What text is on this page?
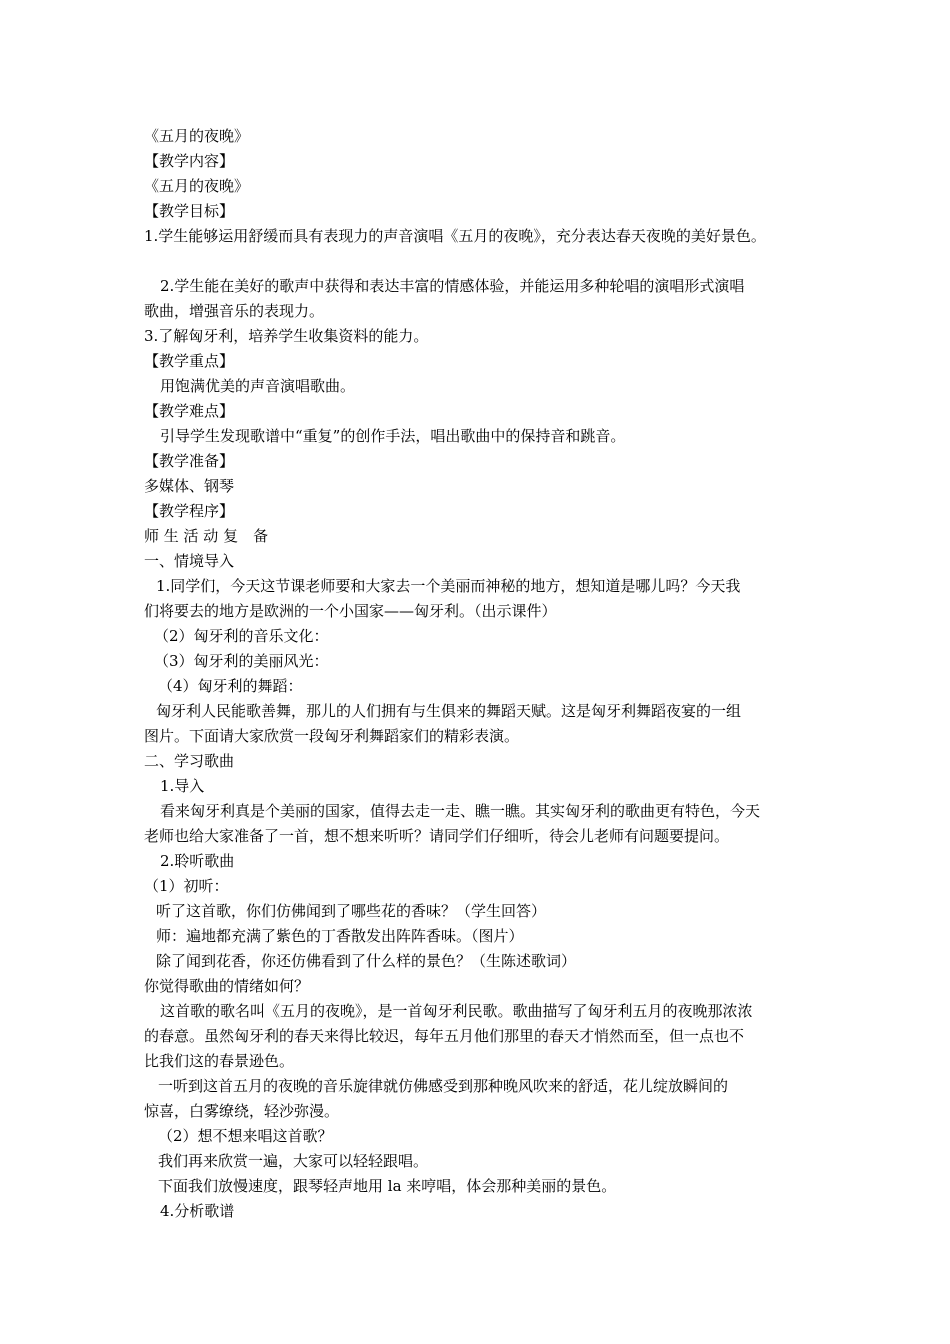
《五月的夜晚》
【教学内容】
《五月的夜晚》
【教学目标】
1.学生能够运用舒缓而具有表现力的声音演唱《五月的夜晚》，充分表达春天夜晚的美好景色。
2.学生能在美好的歌声中获得和表达丰富的情感体验，并能运用多种轮唱的演唱形式演唱
歌曲，增强音乐的表现力。
3.了解匈牙利，培养学生收集资料的能力。
【教学重点】
用饱满优美的声音演唱歌曲。
【教学难点】
引导学生发现歌谱中“重复”的创作手法，唱出歌曲中的保持音和跳音。
【教学准备】
多媒体、钢琴
【教学程序】
师 生 活 动 复　备
一、情境导入
1.同学们，今天这节课老师要和大家去一个美丽而神秘的地方，想知道是哪儿吗？今天我
们将要去的地方是欧洲的一个小国家——匈牙利。（出示课件）
（2）匈牙利的音乐文化：
（3）匈牙利的美丽风光：
（4）匈牙利的舞蹈：
匈牙利人民能歌善舞，那儿的人们拥有与生俱来的舞蹈天赋。这是匈牙利舞蹈夜宴的一组
图片。下面请大家欣赏一段匈牙利舞蹈家们的精彩表演。
二、学习歌曲
1.导入
看来匈牙利真是个美丽的国家，值得去走一走、瞧一瞧。其实匈牙利的歌曲更有特色，今天
老师也给大家准备了一首，想不想来听听？请同学们仔细听，待会儿老师有问题要提问。
2.聆听歌曲
（1）初听：
听了这首歌，你们仿佛闻到了哪些花的香味？（学生回答）
师：遍地都充满了紫色的丁香散发出阵阵香味。（图片）
除了闻到花香，你还仿佛看到了什么样的景色？（生陈述歌词）
你觉得歌曲的情绪如何？
这首歌的歌名叫《五月的夜晚》，是一首匈牙利民歌。歌曲描写了匈牙利五月的夜晚那浓浓
的春意。虽然匈牙利的春天来得比较迟，每年五月他们那里的春天才悄然而至，但一点也不
比我们这的春景逊色。
一听到这首五月的夜晚的音乐旋律就仿佛感受到那种晚风吹来的舒适，花儿绽放瞬间的
惊喜，白雾缭绕，轻沙弥漫。
（2）想不想来唱这首歌？
我们再来欣赏一遍，大家可以轻轻跟唱。
下面我们放慢速度，跟琴轻声地用 la 来哼唱，体会那种美丽的景色。
4.分析歌谱
